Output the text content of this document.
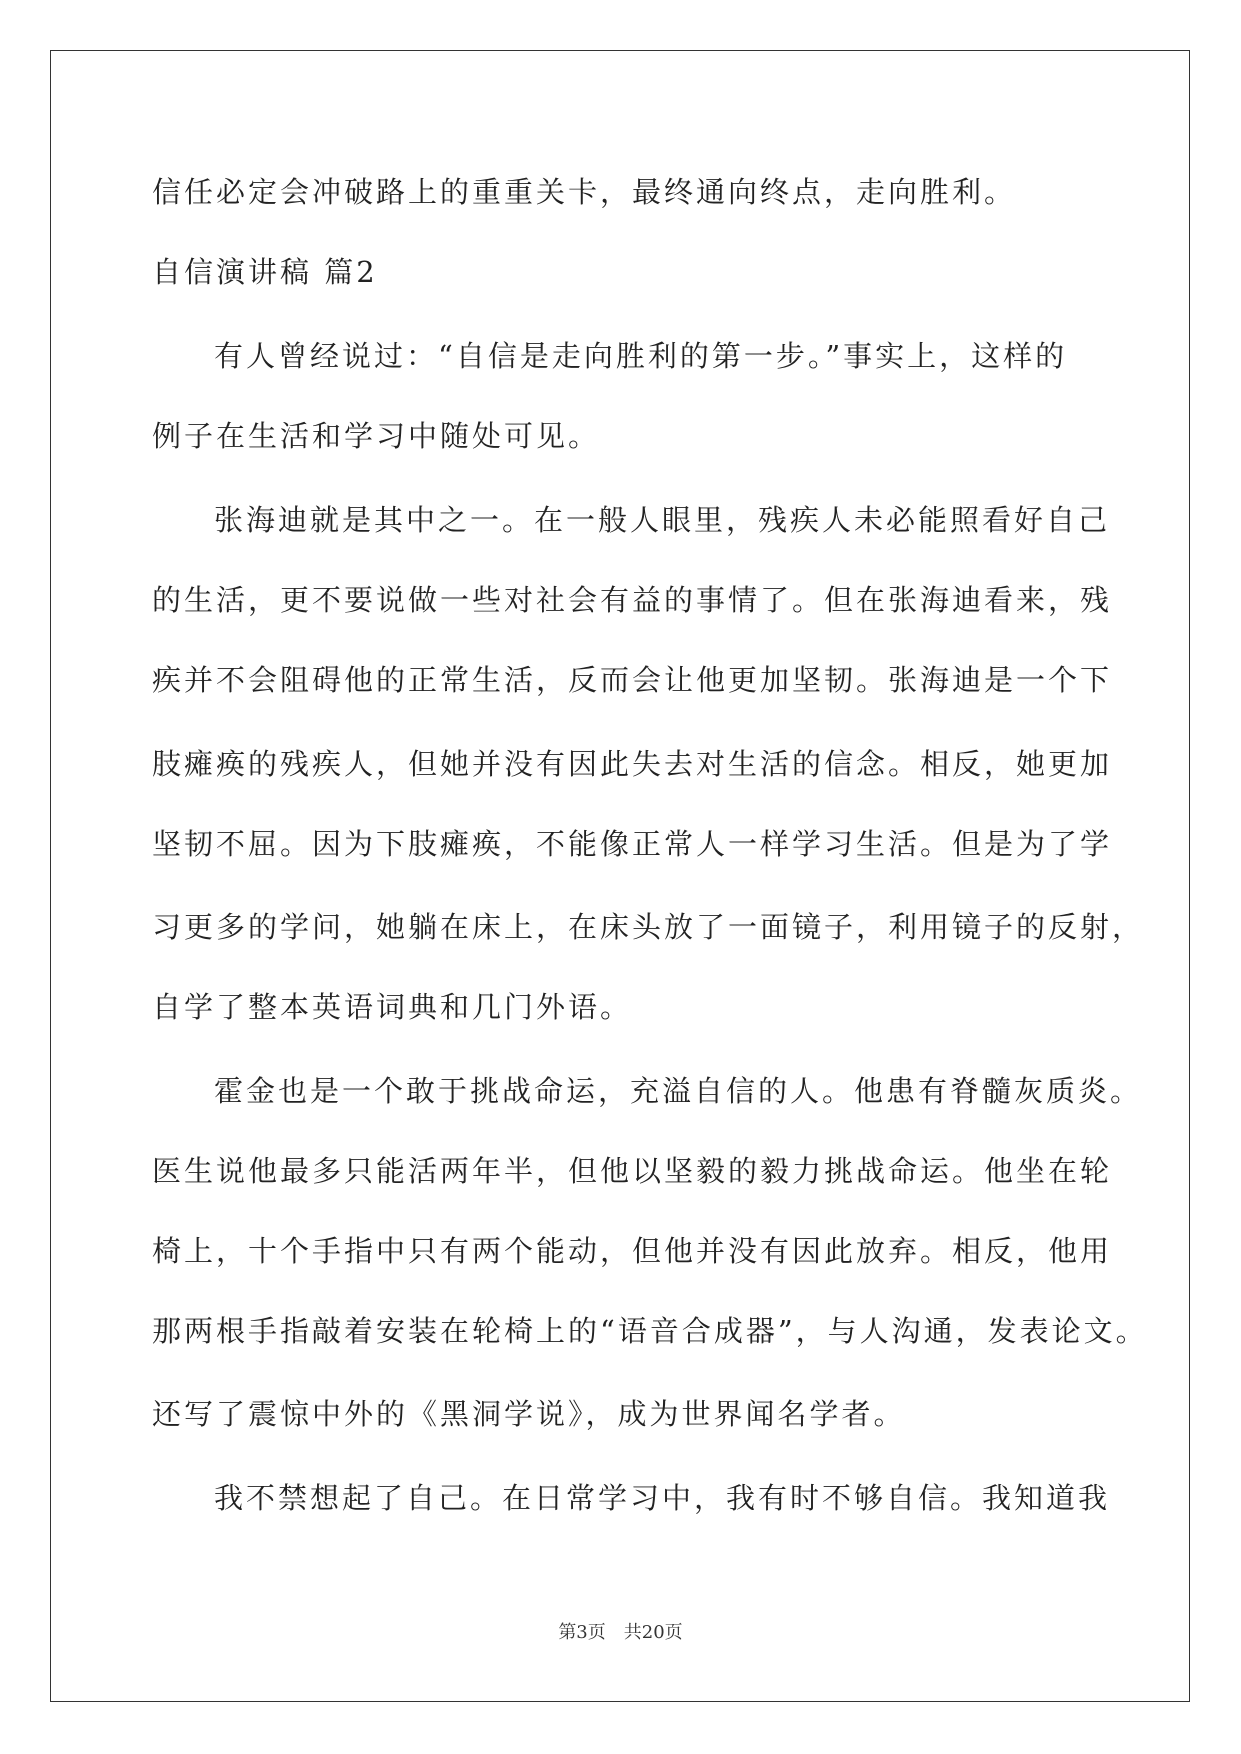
信任必定会冲破路上的重重关卡，最终通向终点，走向胜利。
自信演讲稿 篇2
有人曾经说过：“自信是走向胜利的第一步。”事实上，这样的
例子在生活和学习中随处可见。
张海迪就是其中之一。在一般人眼里，残疾人未必能照看好自己
的生活，更不要说做一些对社会有益的事情了。但在张海迪看来，残
疾并不会阻碍他的正常生活，反而会让他更加坚韧。张海迪是一个下
肢瘫痪的残疾人，但她并没有因此失去对生活的信念。相反，她更加
坚韧不屈。因为下肢瘫痪，不能像正常人一样学习生活。但是为了学
习更多的学问，她躺在床上，在床头放了一面镜子，利用镜子的反射，
自学了整本英语词典和几门外语。
霍金也是一个敢于挑战命运，充溢自信的人。他患有脊髓灰质炎。
医生说他最多只能活两年半，但他以坚毅的毅力挑战命运。他坐在轮
椅上，十个手指中只有两个能动，但他并没有因此放弃。相反，他用
那两根手指敲着安装在轮椅上的“语音合成器”，与人沟通，发表论文。
还写了震惊中外的《黑洞学说》，成为世界闻名学者。
我不禁想起了自己。在日常学习中，我有时不够自信。我知道我
第3页 共20页
